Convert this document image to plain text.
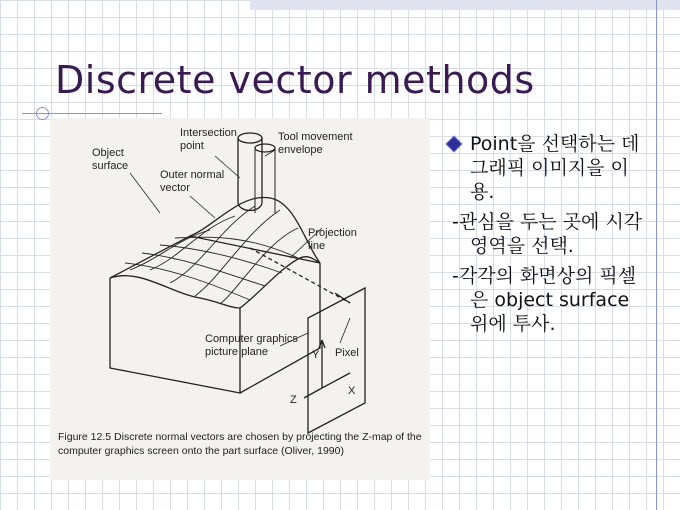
Discrete vector methods
Object
surface
Intersection
point
Tool movement
envelope
Outer normal
vector
Projection
line
Computer graphics
picture plane	Pixel
Y
Z
X
Figure 12.5 Discrete normal vectors are chosen by projecting the Z-map of the
computer graphics screen onto the part surface (Oliver, 1990)
Point을 선택하는 데 그래픽 이미지을 이용.
-관심을 두는 곳에 시각영역을 선택.
-각각의 화면상의 픽셀은 object surface 위에 투사.
